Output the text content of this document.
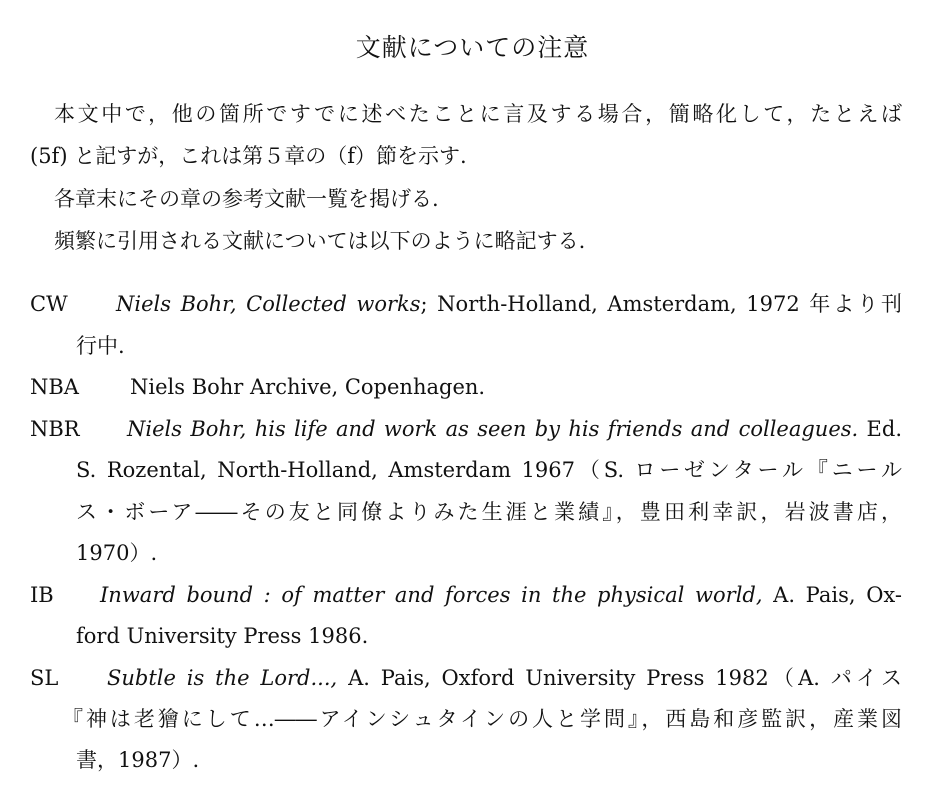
文献についての注意
本文中で，他の箇所ですでに述べたことに言及する場合，簡略化して，たとえば
(5f) と記すが，これは第５章の（f）節を示す.
各章末にその章の参考文献一覧を掲げる.
頻繁に引用される文献については以下のように略記する.
CW Niels Bohr, Collected works; North-Holland, Amsterdam, 1972 年より刊
行中.
NBA Niels Bohr Archive, Copenhagen.
NBR Niels Bohr, his life and work as seen by his friends and colleagues. Ed.
S. Rozental, North-Holland, Amsterdam 1967（S. ローゼンタール『ニール
ス・ボーア――その友と同僚よりみた生涯と業績』，豊田利幸訳，岩波書店，
1970）.
IB Inward bound : of matter and forces in the physical world, A. Pais, Ox-
ford University Press 1986.
SL Subtle is the Lord..., A. Pais, Oxford University Press 1982（A. パイス
『神は老獪にして…――アインシュタインの人と学問』，西島和彦監訳，産業図
書，1987）.
